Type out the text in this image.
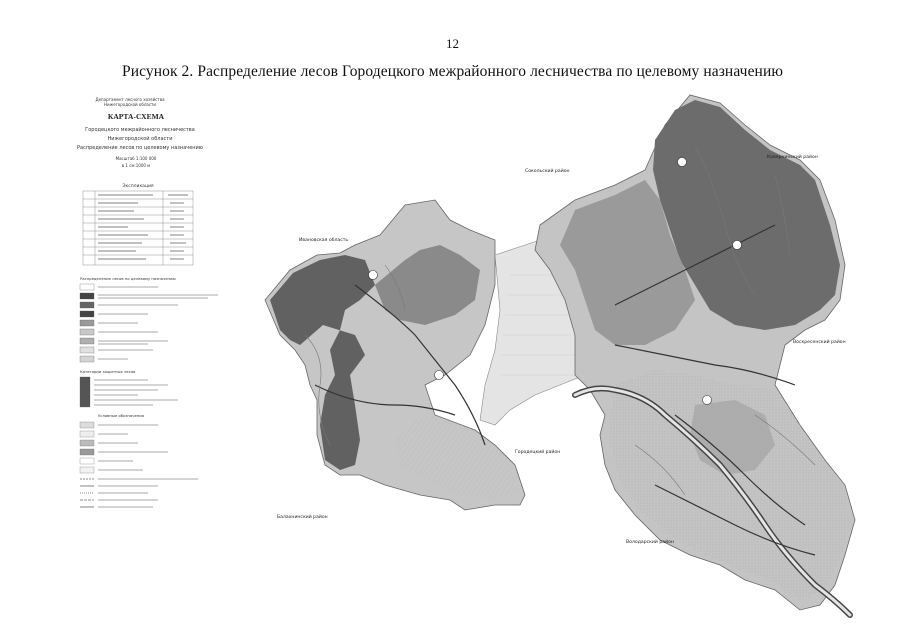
12
Рисунок 2. Распределение лесов Городецкого межрайонного лесничества по целевому назначению
Департамент лесного хозяйства
Нижегородской области
КАРТА-СХЕМА
Городецкого межрайонного лесничества
Нижегородской области
Распределение лесов по целевому назначению
Масштаб 1:100 000
в 1 см 1000 м
Экспликация
Распределение лесов по целевому назначению
Категории защитных лесов
Условные обозначения
Ивановская область
Сокольский район
Ковернинский район
Воскресенский район
Городецкий район
Балахнинский район
Володарский район
